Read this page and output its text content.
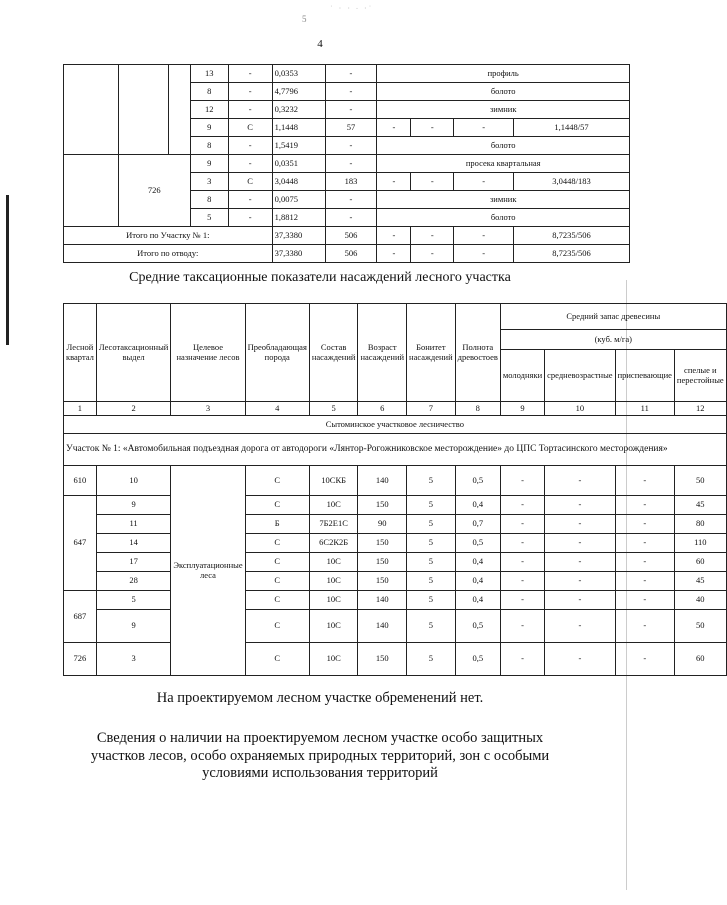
˙ · · ∙ ·˙
5
4
			13	-	0,0353	-	профиль			
			8	-	4,7796	-	болото			
			12	-	0,3232	-	зимник			
			9	С	1,1448	57	-	-	-	1,1448/57
			8	-	1,5419	-	болото			
	726		9	-	0,0351	-	просека квартальная			
			3	С	3,0448	183	-	-	-	3,0448/183
			8	-	0,0075	-	зимник			
			5	-	1,8812	-	болото			
Итого по Участку № 1:					37,3380	506	-	-	-	8,7235/506
Итого по отводу:					37,3380	506	-	-	-	8,7235/506
Средние таксационные показатели насаждений лесного участка
Лесной квартал	Лесотаксационный выдел	Целевое назначение лесов	Преобладающая порода	Состав насаждений	Возраст насаждений	Бонитет насаждений	Полнота древостоев	Средний запас древесины			
								(куб. м/га)			
								молодняки	средневозрастные	приспевающие	спелые и перестойные
1	2	3	4	5	6	7	8	9	10	11	12
Сытоминское участковое лесничество											
Участок № 1: «Автомобильная подъездная дорога от автодороги «Лянтор-Рогожниковское месторождение» до ЦПС Тортасинского месторождения»											
610	10	Эксплуатационные леса	С	10СКБ	140	5	0,5	-	-	-	50
647	9		С	10С	150	5	0,4	-	-	-	45
	11		Б	7Б2Е1С	90	5	0,7	-	-	-	80
	14		С	6С2К2Б	150	5	0,5	-	-	-	110
	17		С	10С	150	5	0,4	-	-	-	60
	28		С	10С	150	5	0,4	-	-	-	45
687	5		С	10С	140	5	0,4	-	-	-	40
	9		С	10С	140	5	0,5	-	-	-	50
726	3		С	10С	150	5	0,5	-	-	-	60
На проектируемом лесном участке обременений нет.
Сведения о наличии на проектируемом лесном участке особо защитных участков лесов, особо охраняемых природных территорий, зон с особыми условиями использования территорий
